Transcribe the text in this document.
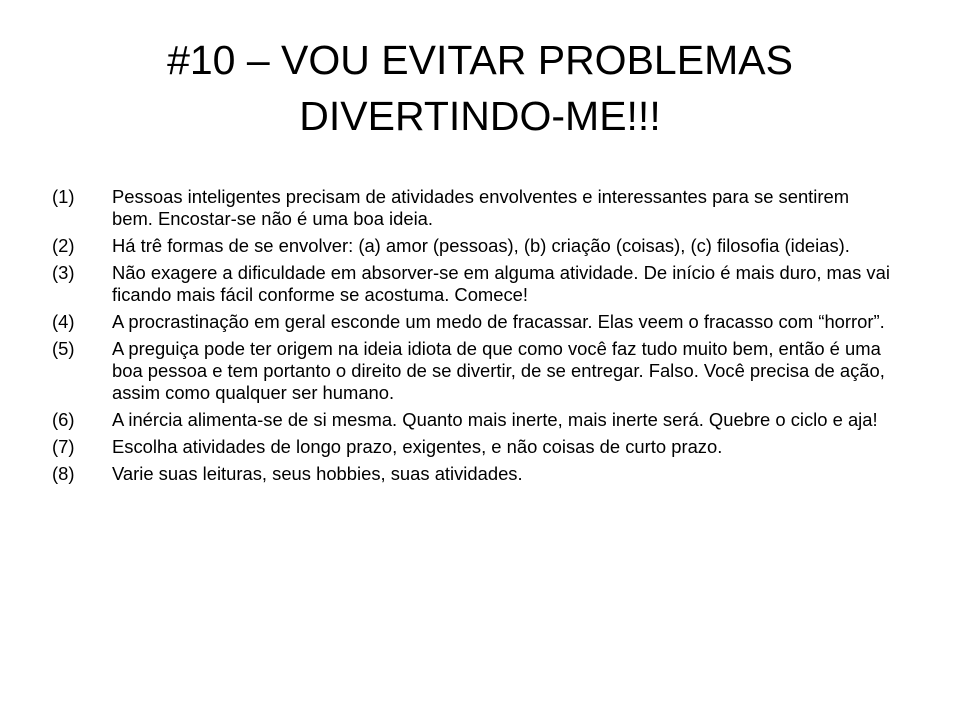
#10 – VOU EVITAR PROBLEMAS
DIVERTINDO-ME!!!
(1)	Pessoas inteligentes precisam de atividades envolventes e interessantes para se sentirem bem. Encostar-se não é uma boa ideia.
(2)	Há trê formas de se envolver: (a) amor (pessoas), (b) criação (coisas), (c) filosofia (ideias).
(3)	Não exagere a dificuldade em absorver-se em alguma atividade. De início é mais duro, mas vai ficando mais fácil conforme se acostuma. Comece!
(4)	A procrastinação em geral esconde um medo de fracassar. Elas veem o fracasso com “horror”.
(5)	A preguiça pode ter origem na ideia idiota de que como você faz tudo muito bem, então é uma boa pessoa e tem portanto o direito de se divertir, de se entregar. Falso. Você precisa de ação, assim como qualquer ser humano.
(6)	A inércia alimenta-se de si mesma. Quanto mais inerte, mais inerte será. Quebre o ciclo e aja!
(7)	Escolha atividades de longo prazo, exigentes, e não coisas de curto prazo.
(8)	Varie suas leituras, seus hobbies, suas atividades.
